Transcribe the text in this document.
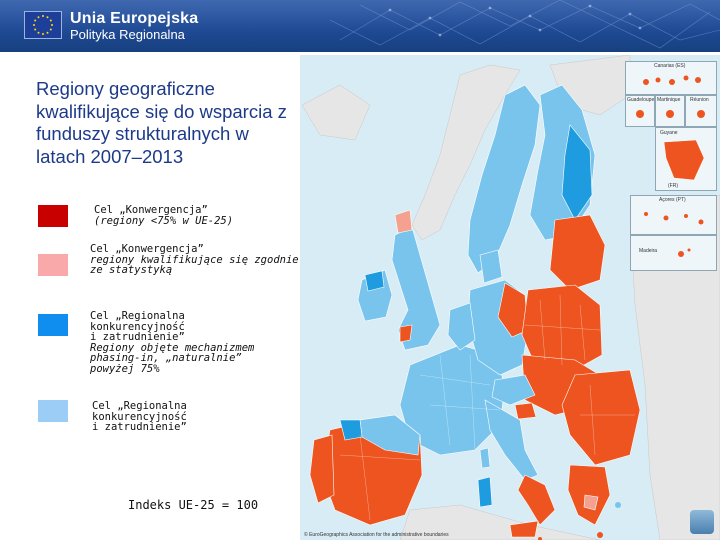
Unia Europejska
Polityka Regionalna
Regiony geograficzne kwalifikujące się do wsparcia z funduszy strukturalnych w latach 2007–2013
Cel „Konwergencja”
(regiony <75% w UE-25)
Cel „Konwergencja”
regiony kwalifikujące się zgodnie
ze statystyką
Cel „Regionalna
konkurencyjność
i zatrudnienie”
Regiony objęte mechanizmem
phasing-in, „naturalnie”
powyżej 75%
Cel „Regionalna
konkurencyjność
i zatrudnienie”
Indeks UE-25 = 100
Canarias (ES)
Guadeloupe Martinique Réunion
Guyane
(FR)
Açores (PT)
Madeira
© EuroGeographics Association for the administrative boundaries
